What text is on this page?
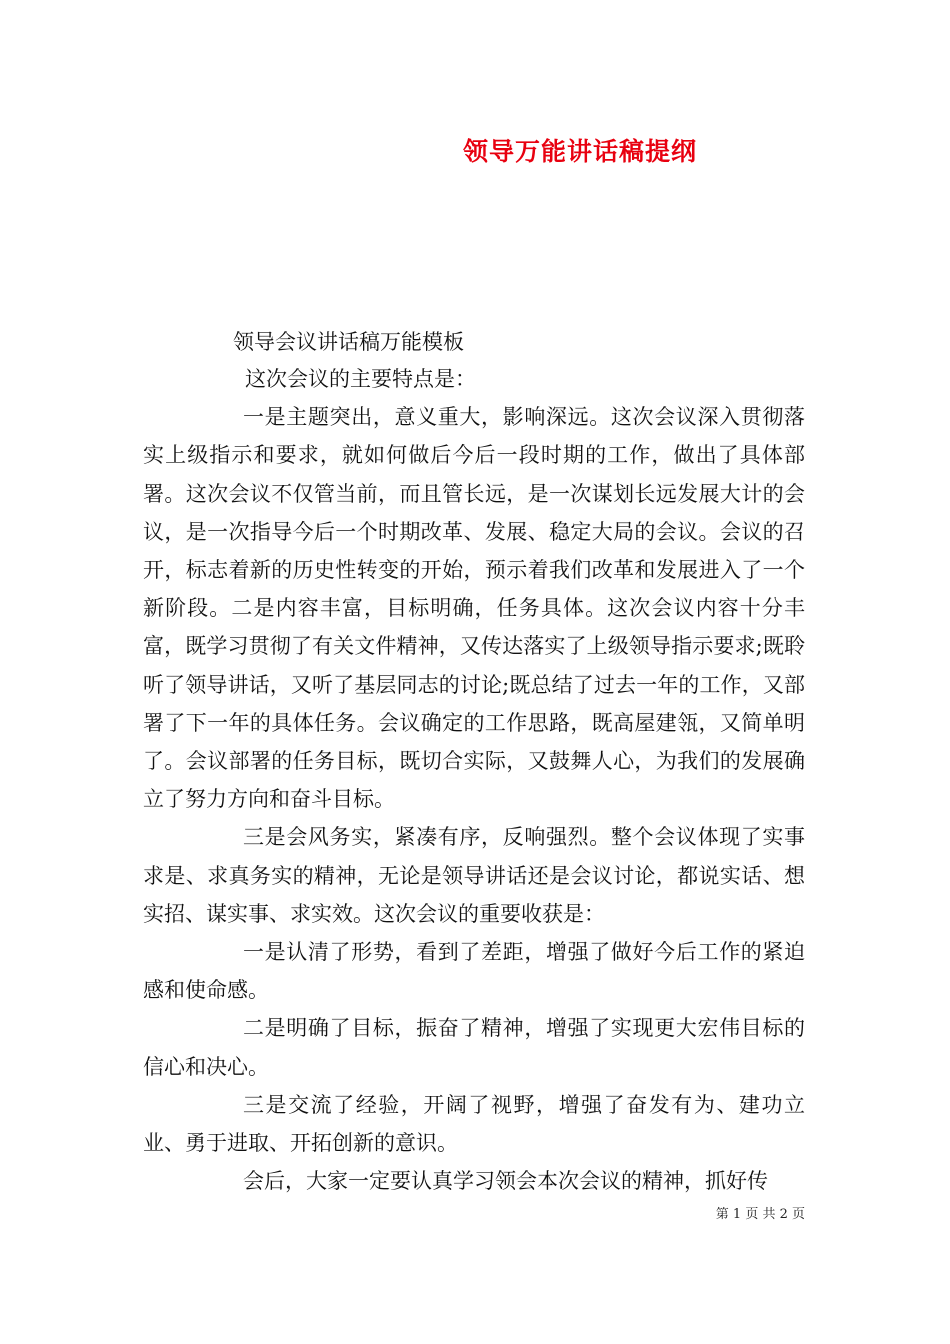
领导万能讲话稿提纲
领导会议讲话稿万能模板

这次会议的主要特点是：

一是主题突出，意义重大，影响深远。这次会议深入贯彻落实上级指示和要求，就如何做后今后一段时期的工作，做出了具体部署。这次会议不仅管当前，而且管长远，是一次谋划长远发展大计的会议，是一次指导今后一个时期改革、发展、稳定大局的会议。会议的召开，标志着新的历史性转变的开始，预示着我们改革和发展进入了一个新阶段。二是内容丰富，目标明确，任务具体。这次会议内容十分丰富，既学习贯彻了有关文件精神，又传达落实了上级领导指示要求;既聆听了领导讲话，又听了基层同志的讨论;既总结了过去一年的工作，又部署了下一年的具体任务。会议确定的工作思路，既高屋建瓴，又简单明了。会议部署的任务目标，既切合实际，又鼓舞人心，为我们的发展确立了努力方向和奋斗目标。

三是会风务实，紧凑有序，反响强烈。整个会议体现了实事求是、求真务实的精神，无论是领导讲话还是会议讨论，都说实话、想实招、谋实事、求实效。这次会议的重要收获是：

一是认清了形势，看到了差距，增强了做好今后工作的紧迫感和使命感。

二是明确了目标，振奋了精神，增强了实现更大宏伟目标的信心和决心。

三是交流了经验，开阔了视野，增强了奋发有为、建功立业、勇于进取、开拓创新的意识。

会后，大家一定要认真学习领会本次会议的精神，抓好传

第 1 页 共 2 页
